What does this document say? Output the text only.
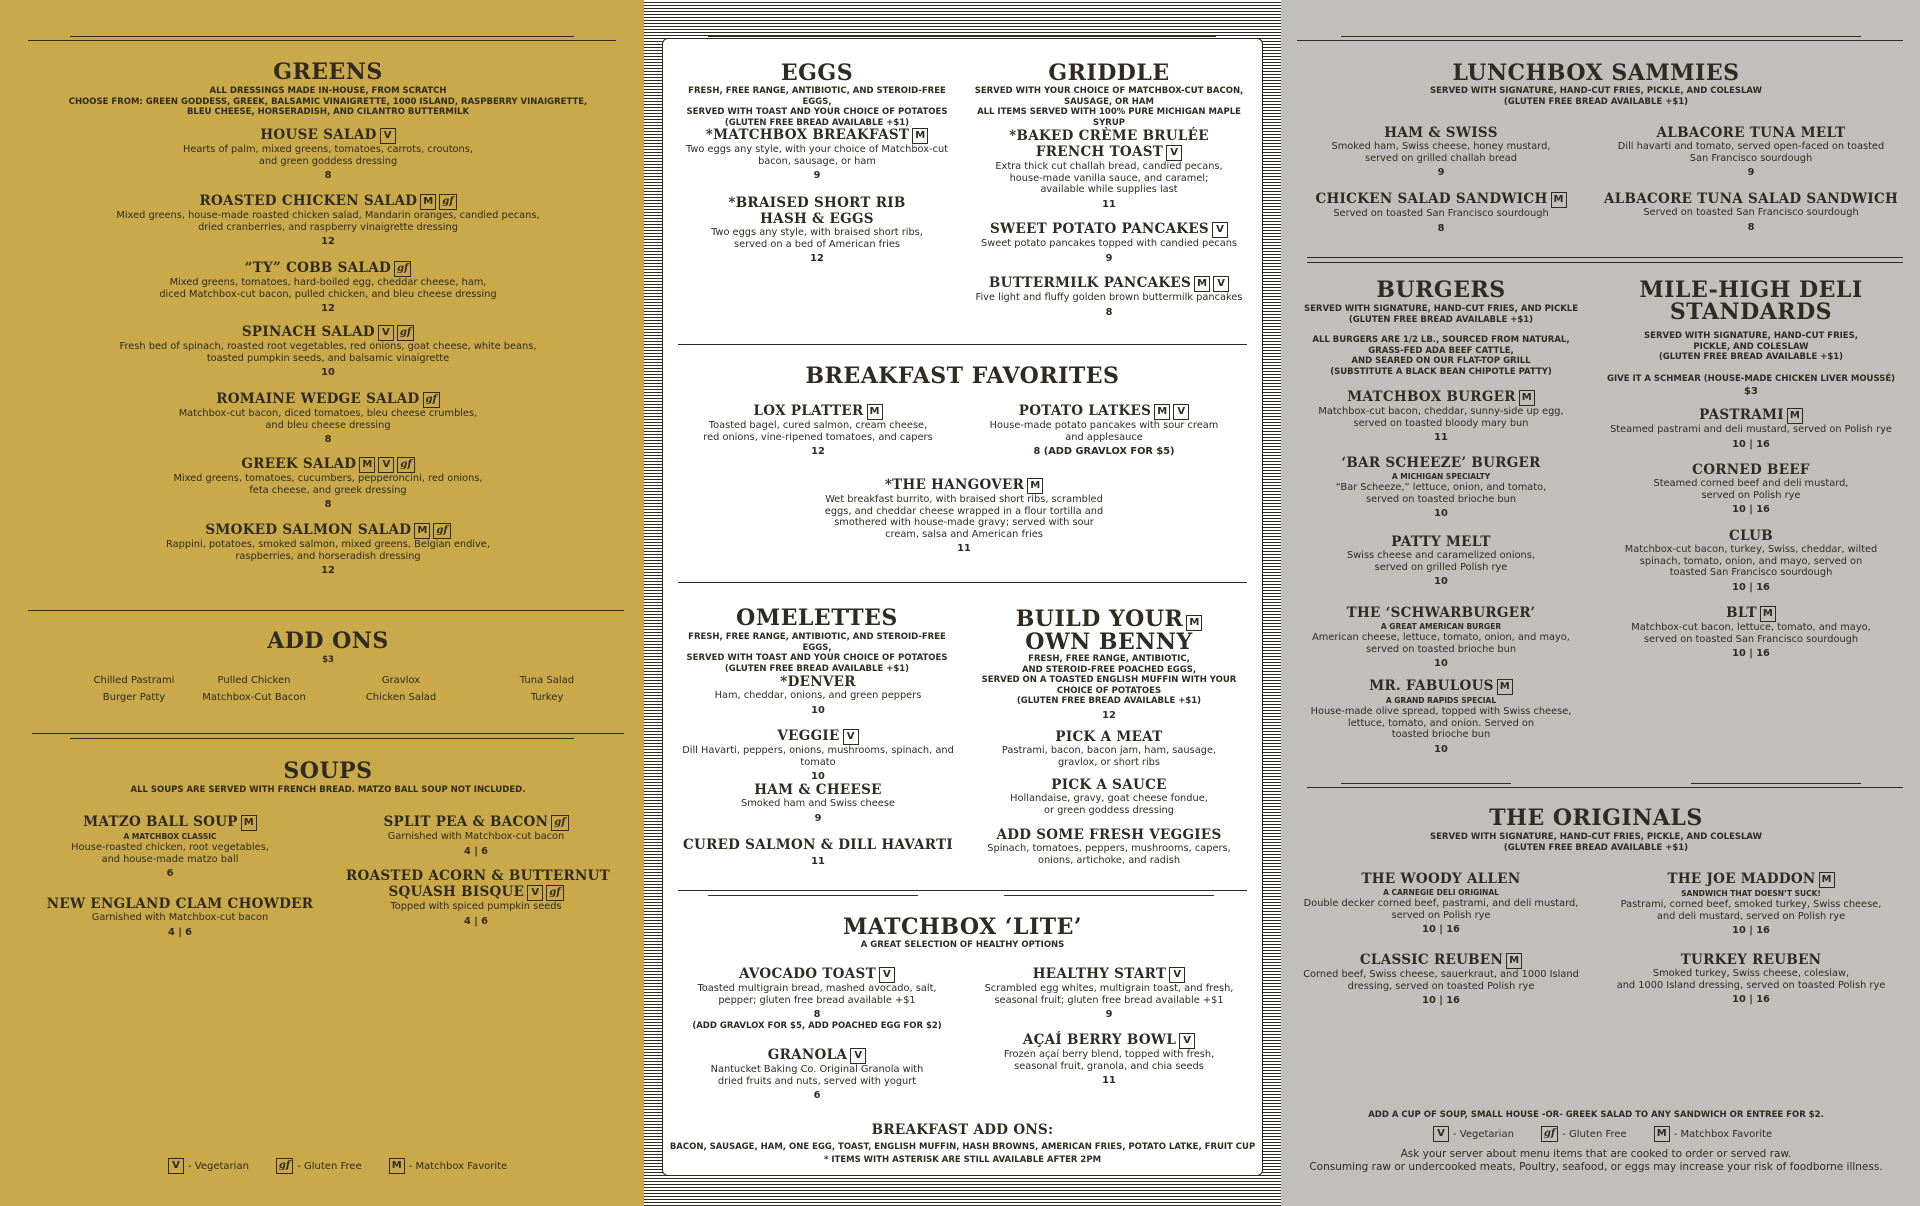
GREENS
ALL DRESSINGS MADE IN-HOUSE, FROM SCRATCH
CHOOSE FROM: GREEN GODDESS, GREEK, BALSAMIC VINAIGRETTE, 1000 ISLAND, RASPBERRY VINAIGRETTE,
BLEU CHEESE, HORSERADISH, AND CILANTRO BUTTERMILK
HOUSE SALAD V
Hearts of palm, mixed greens, tomatoes, carrots, croutons,
and green goddess dressing
8
ROASTED CHICKEN SALAD M gf
Mixed greens, house-made roasted chicken salad, Mandarin oranges, candied pecans,
dried cranberries, and raspberry vinaigrette dressing
12
“TY” COBB SALAD gf
Mixed greens, tomatoes, hard-boiled egg, cheddar cheese, ham,
diced Matchbox-cut bacon, pulled chicken, and bleu cheese dressing
12
SPINACH SALAD V gf
Fresh bed of spinach, roasted root vegetables, red onions, goat cheese, white beans,
toasted pumpkin seeds, and balsamic vinaigrette
10
ROMAINE WEDGE SALAD gf
Matchbox-cut bacon, diced tomatoes, bleu cheese crumbles,
and bleu cheese dressing
8
GREEK SALAD M V gf
Mixed greens, tomatoes, cucumbers, pepperoncini, red onions,
feta cheese, and greek dressing
8
SMOKED SALMON SALAD M gf
Rappini, potatoes, smoked salmon, mixed greens, Belgian endive,
raspberries, and horseradish dressing
12
ADD ONS
$3
Chilled Pastrami	Pulled Chicken	Gravlox	Tuna Salad
Burger Patty	Matchbox-Cut Bacon	Chicken Salad	Turkey
SOUPS
ALL SOUPS ARE SERVED WITH FRENCH BREAD. MATZO BALL SOUP NOT INCLUDED.
MATZO BALL SOUP M
A MATCHBOX CLASSIC
House-roasted chicken, root vegetables,
and house-made matzo ball
6
SPLIT PEA & BACON gf
Garnished with Matchbox-cut bacon
4 | 6
NEW ENGLAND CLAM CHOWDER
Garnished with Matchbox-cut bacon
4 | 6
ROASTED ACORN & BUTTERNUT
SQUASH BISQUE V gf
Topped with spiced pumpkin seeds
4 | 6
V - Vegetarian	gf - Gluten Free	M - Matchbox Favorite
EGGS
FRESH, FREE RANGE, ANTIBIOTIC, AND STEROID-FREE EGGS,
SERVED WITH TOAST AND YOUR CHOICE OF POTATOES
(GLUTEN FREE BREAD AVAILABLE +$1)
GRIDDLE
SERVED WITH YOUR CHOICE OF MATCHBOX-CUT BACON,
SAUSAGE, OR HAM
ALL ITEMS SERVED WITH 100% PURE MICHIGAN MAPLE SYRUP
*MATCHBOX BREAKFAST M
Two eggs any style, with your choice of Matchbox-cut
bacon, sausage, or ham
9
*BRAISED SHORT RIB
HASH & EGGS
Two eggs any style, with braised short ribs,
served on a bed of American fries
12
*BAKED CRÈME BRULÉE
FRENCH TOAST V
Extra thick cut challah bread, candied pecans,
house-made vanilla sauce, and caramel;
available while supplies last
11
SWEET POTATO PANCAKES V
Sweet potato pancakes topped with candied pecans
9
BUTTERMILK PANCAKES M V
Five light and fluffy golden brown buttermilk pancakes
8
BREAKFAST FAVORITES
LOX PLATTER M
Toasted bagel, cured salmon, cream cheese,
red onions, vine-ripened tomatoes, and capers
12
POTATO LATKES M V
House-made potato pancakes with sour cream
and applesauce
8 (ADD GRAVLOX FOR $5)
*THE HANGOVER M
Wet breakfast burrito, with braised short ribs, scrambled
eggs, and cheddar cheese wrapped in a flour tortilla and
smothered with house-made gravy; served with sour
cream, salsa and American fries
11
OMELETTES
FRESH, FREE RANGE, ANTIBIOTIC, AND STEROID-FREE EGGS,
SERVED WITH TOAST AND YOUR CHOICE OF POTATOES
(GLUTEN FREE BREAD AVAILABLE +$1)
*DENVER
Ham, cheddar, onions, and green peppers
10
VEGGIE V
Dill Havarti, peppers, onions, mushrooms, spinach, and tomato
10
HAM & CHEESE
Smoked ham and Swiss cheese
9
CURED SALMON & DILL HAVARTI
11
BUILD YOUR M
OWN BENNY
FRESH, FREE RANGE, ANTIBIOTIC,
AND STEROID-FREE POACHED EGGS,
SERVED ON A TOASTED ENGLISH MUFFIN WITH YOUR
CHOICE OF POTATOES
(GLUTEN FREE BREAD AVAILABLE +$1)
12
PICK A MEAT
Pastrami, bacon, bacon jam, ham, sausage,
gravlox, or short ribs
PICK A SAUCE
Hollandaise, gravy, goat cheese fondue,
or green goddess dressing
ADD SOME FRESH VEGGIES
Spinach, tomatoes, peppers, mushrooms, capers,
onions, artichoke, and radish
MATCHBOX ‘LITE’
A GREAT SELECTION OF HEALTHY OPTIONS
AVOCADO TOAST V
Toasted multigrain bread, mashed avocado, salt,
pepper; gluten free bread available +$1
8
(ADD GRAVLOX FOR $5, ADD POACHED EGG FOR $2)
HEALTHY START V
Scrambled egg whites, multigrain toast, and fresh,
seasonal fruit; gluten free bread available +$1
9
GRANOLA V
Nantucket Baking Co. Original Granola with
dried fruits and nuts, served with yogurt
6
AÇAÍ BERRY BOWL V
Frozen açaí berry blend, topped with fresh,
seasonal fruit, granola, and chia seeds
11
BREAKFAST ADD ONS:
BACON, SAUSAGE, HAM, ONE EGG, TOAST, ENGLISH MUFFIN, HASH BROWNS, AMERICAN FRIES, POTATO LATKE, FRUIT CUP
* ITEMS WITH ASTERISK ARE STILL AVAILABLE AFTER 2PM
LUNCHBOX SAMMIES
SERVED WITH SIGNATURE, HAND-CUT FRIES, PICKLE, AND COLESLAW
(GLUTEN FREE BREAD AVAILABLE +$1)
HAM & SWISS
Smoked ham, Swiss cheese, honey mustard,
served on grilled challah bread
9
ALBACORE TUNA MELT
Dill havarti and tomato, served open-faced on toasted
San Francisco sourdough
9
CHICKEN SALAD SANDWICH M
Served on toasted San Francisco sourdough
8
ALBACORE TUNA SALAD SANDWICH
Served on toasted San Francisco sourdough
8
BURGERS
SERVED WITH SIGNATURE, HAND-CUT FRIES, AND PICKLE
(GLUTEN FREE BREAD AVAILABLE +$1)
ALL BURGERS ARE 1/2 LB., SOURCED FROM NATURAL,
GRASS-FED ADA BEEF CATTLE,
AND SEARED ON OUR FLAT-TOP GRILL
(SUBSTITUTE A BLACK BEAN CHIPOTLE PATTY)
MATCHBOX BURGER M
Matchbox-cut bacon, cheddar, sunny-side up egg,
served on toasted bloody mary bun
11
‘BAR SCHEEZE’ BURGER
A MICHIGAN SPECIALTY
“Bar Scheeze,” lettuce, onion, and tomato,
served on toasted brioche bun
10
PATTY MELT
Swiss cheese and caramelized onions,
served on grilled Polish rye
10
THE ‘SCHWARBURGER’
A GREAT AMERICAN BURGER
American cheese, lettuce, tomato, onion, and mayo,
served on toasted brioche bun
10
MR. FABULOUS M
A GRAND RAPIDS SPECIAL
House-made olive spread, topped with Swiss cheese,
lettuce, tomato, and onion. Served on
toasted brioche bun
10
MILE-HIGH DELI
STANDARDS
SERVED WITH SIGNATURE, HAND-CUT FRIES,
PICKLE, AND COLESLAW
(GLUTEN FREE BREAD AVAILABLE +$1)
GIVE IT A SCHMEAR (HOUSE-MADE CHICKEN LIVER MOUSSÉ)
$3
PASTRAMI M
Steamed pastrami and deli mustard, served on Polish rye
10 | 16
CORNED BEEF
Steamed corned beef and deli mustard,
served on Polish rye
10 | 16
CLUB
Matchbox-cut bacon, turkey, Swiss, cheddar, wilted
spinach, tomato, onion, and mayo, served on
toasted San Francisco sourdough
10 | 16
BLT M
Matchbox-cut bacon, lettuce, tomato, and mayo,
served on toasted San Francisco sourdough
10 | 16
THE ORIGINALS
SERVED WITH SIGNATURE, HAND-CUT FRIES, PICKLE, AND COLESLAW
(GLUTEN FREE BREAD AVAILABLE +$1)
THE WOODY ALLEN
A CARNEGIE DELI ORIGINAL
Double decker corned beef, pastrami, and deli mustard,
served on Polish rye
10 | 16
THE JOE MADDON M
SANDWICH THAT DOESN’T SUCK!
Pastrami, corned beef, smoked turkey, Swiss cheese,
and deli mustard, served on Polish rye
10 | 16
CLASSIC REUBEN M
Corned beef, Swiss cheese, sauerkraut, and 1000 Island
dressing, served on toasted Polish rye
10 | 16
TURKEY REUBEN
Smoked turkey, Swiss cheese, coleslaw,
and 1000 Island dressing, served on toasted Polish rye
10 | 16
ADD A CUP OF SOUP, SMALL HOUSE -OR- GREEK SALAD TO ANY SANDWICH OR ENTREE FOR $2.
V - Vegetarian	gf - Gluten Free	M - Matchbox Favorite
Ask your server about menu items that are cooked to order or served raw.
Consuming raw or undercooked meats, Poultry, seafood, or eggs may increase your risk of foodborne illness.
